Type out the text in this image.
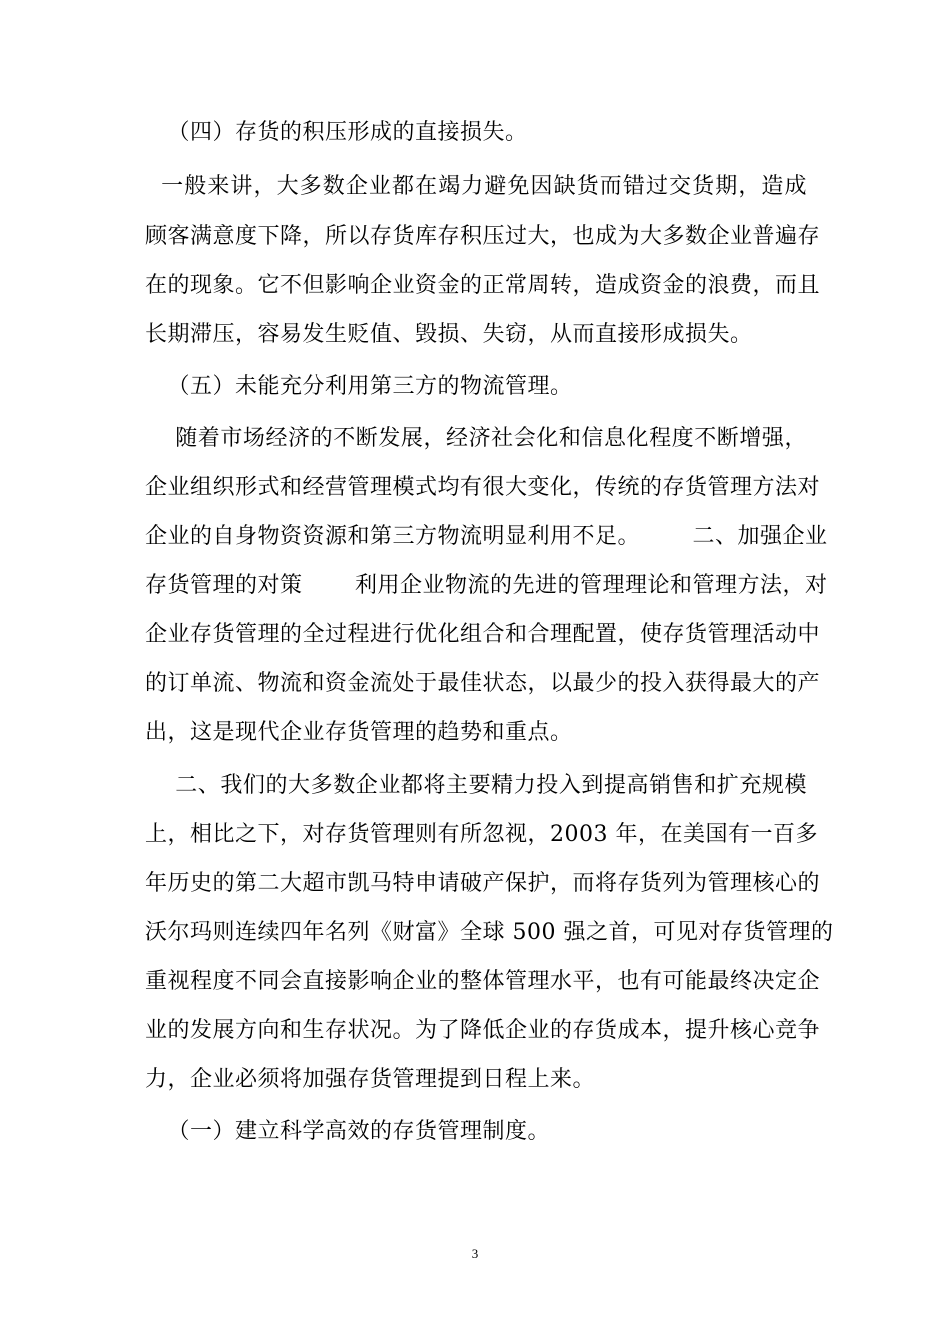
（四）存货的积压形成的直接损失。
一般来讲，大多数企业都在竭力避免因缺货而错过交货期，造成
顾客满意度下降，所以存货库存积压过大，也成为大多数企业普遍存
在的现象。它不但影响企业资金的正常周转，造成资金的浪费，而且
长期滞压，容易发生贬值、毁损、失窃，从而直接形成损失。
（五）未能充分利用第三方的物流管理。
随着市场经济的不断发展，经济社会化和信息化程度不断增强，
企业组织形式和经营管理模式均有很大变化，传统的存货管理方法对
企业的自身物资资源和第三方物流明显利用不足。       二、加强企业
存货管理的对策       利用企业物流的先进的管理理论和管理方法，对
企业存货管理的全过程进行优化组合和合理配置，使存货管理活动中
的订单流、物流和资金流处于最佳状态，以最少的投入获得最大的产
出，这是现代企业存货管理的趋势和重点。
二、我们的大多数企业都将主要精力投入到提高销售和扩充规模
上，相比之下，对存货管理则有所忽视，2003 年，在美国有一百多
年历史的第二大超市凯马特申请破产保护，而将存货列为管理核心的
沃尔玛则连续四年名列《财富》全球 500 强之首，可见对存货管理的
重视程度不同会直接影响企业的整体管理水平，也有可能最终决定企
业的发展方向和生存状况。为了降低企业的存货成本，提升核心竞争
力，企业必须将加强存货管理提到日程上来。
（一）建立科学高效的存货管理制度。
3
